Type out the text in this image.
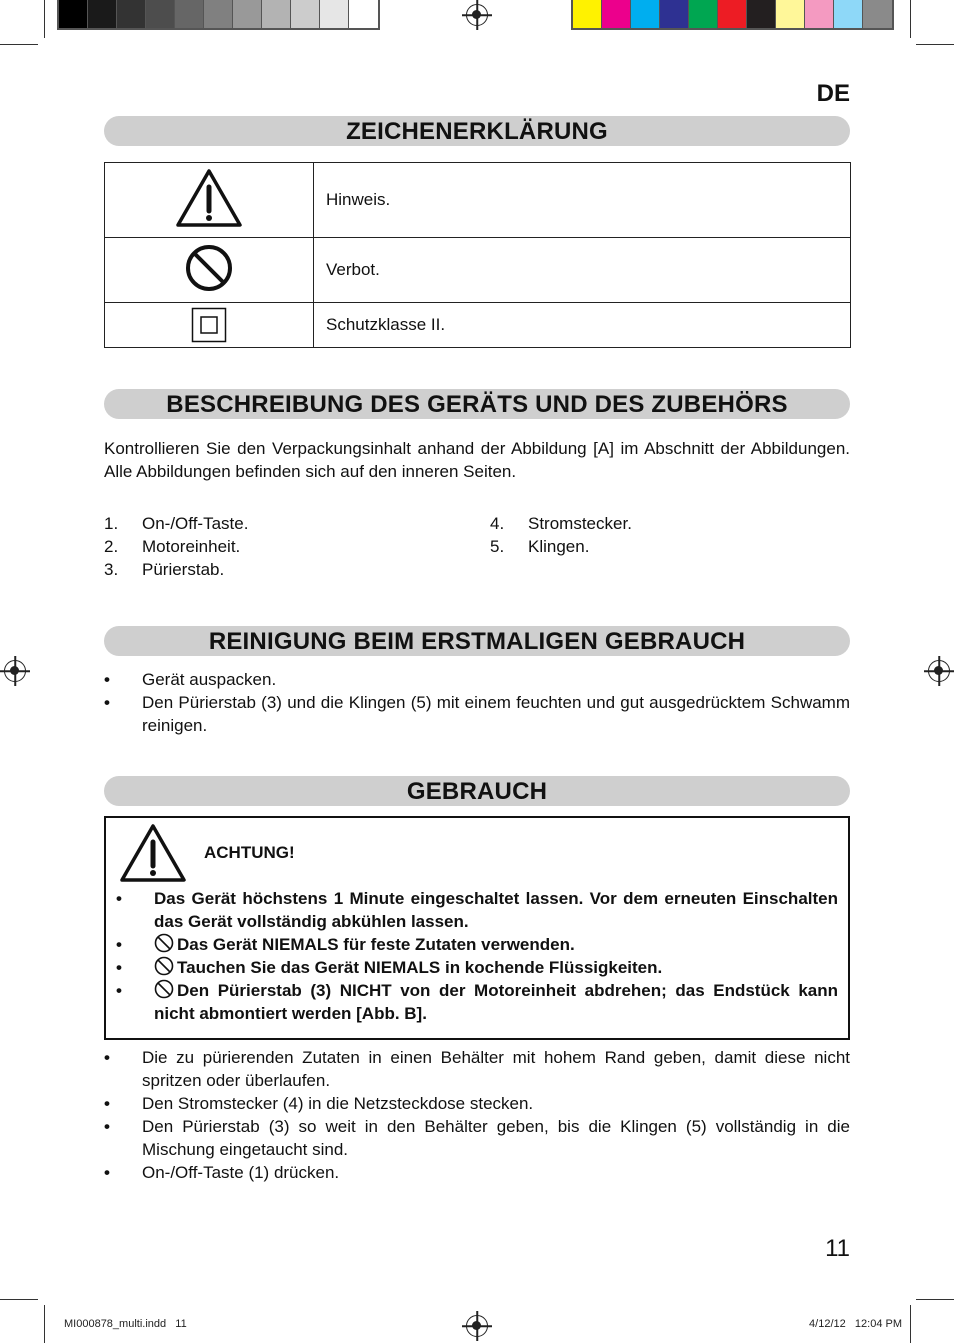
DE
ZEICHENERKLÄRUNG
	Hinweis.
	Verbot.
	Schutzklasse II.
BESCHREIBUNG DES GERÄTS UND DES ZUBEHÖRS
Kontrollieren Sie den Verpackungsinhalt anhand der Abbildung [A] im Abschnitt der Abbildungen. Alle Abbildungen befinden sich auf den inneren Seiten.
1.	On-/Off-Taste.
2.	Motoreinheit.
3.	Pürierstab.
4.	Stromstecker.
5.	Klingen.
REINIGUNG BEIM ERSTMALIGEN GEBRAUCH
•	Gerät auspacken.
•	Den Pürierstab (3) und die Klingen (5) mit einem feuchten und gut ausgedrücktem Schwamm reinigen.
GEBRAUCH
ACHTUNG!
•	Das Gerät höchstens 1 Minute eingeschaltet lassen. Vor dem erneuten Einschalten das Gerät vollständig abkühlen lassen.
•	Das Gerät NIEMALS für feste Zutaten verwenden.
•	Tauchen Sie das Gerät NIEMALS in kochende Flüssigkeiten.
•	Den Pürierstab (3) NICHT von der Motoreinheit abdrehen; das Endstück kann nicht abmontiert werden [Abb. B].
•	Die zu pürierenden Zutaten in einen Behälter mit hohem Rand geben, damit diese nicht spritzen oder überlaufen.
•	Den Stromstecker (4) in die Netzsteckdose stecken.
•	Den Pürierstab (3) so weit in den Behälter geben, bis die Klingen (5) vollständig in die Mischung eingetaucht sind.
•	On-/Off-Taste (1) drücken.
11
MI000878_multi.indd   11	4/12/12   12:04 PM
